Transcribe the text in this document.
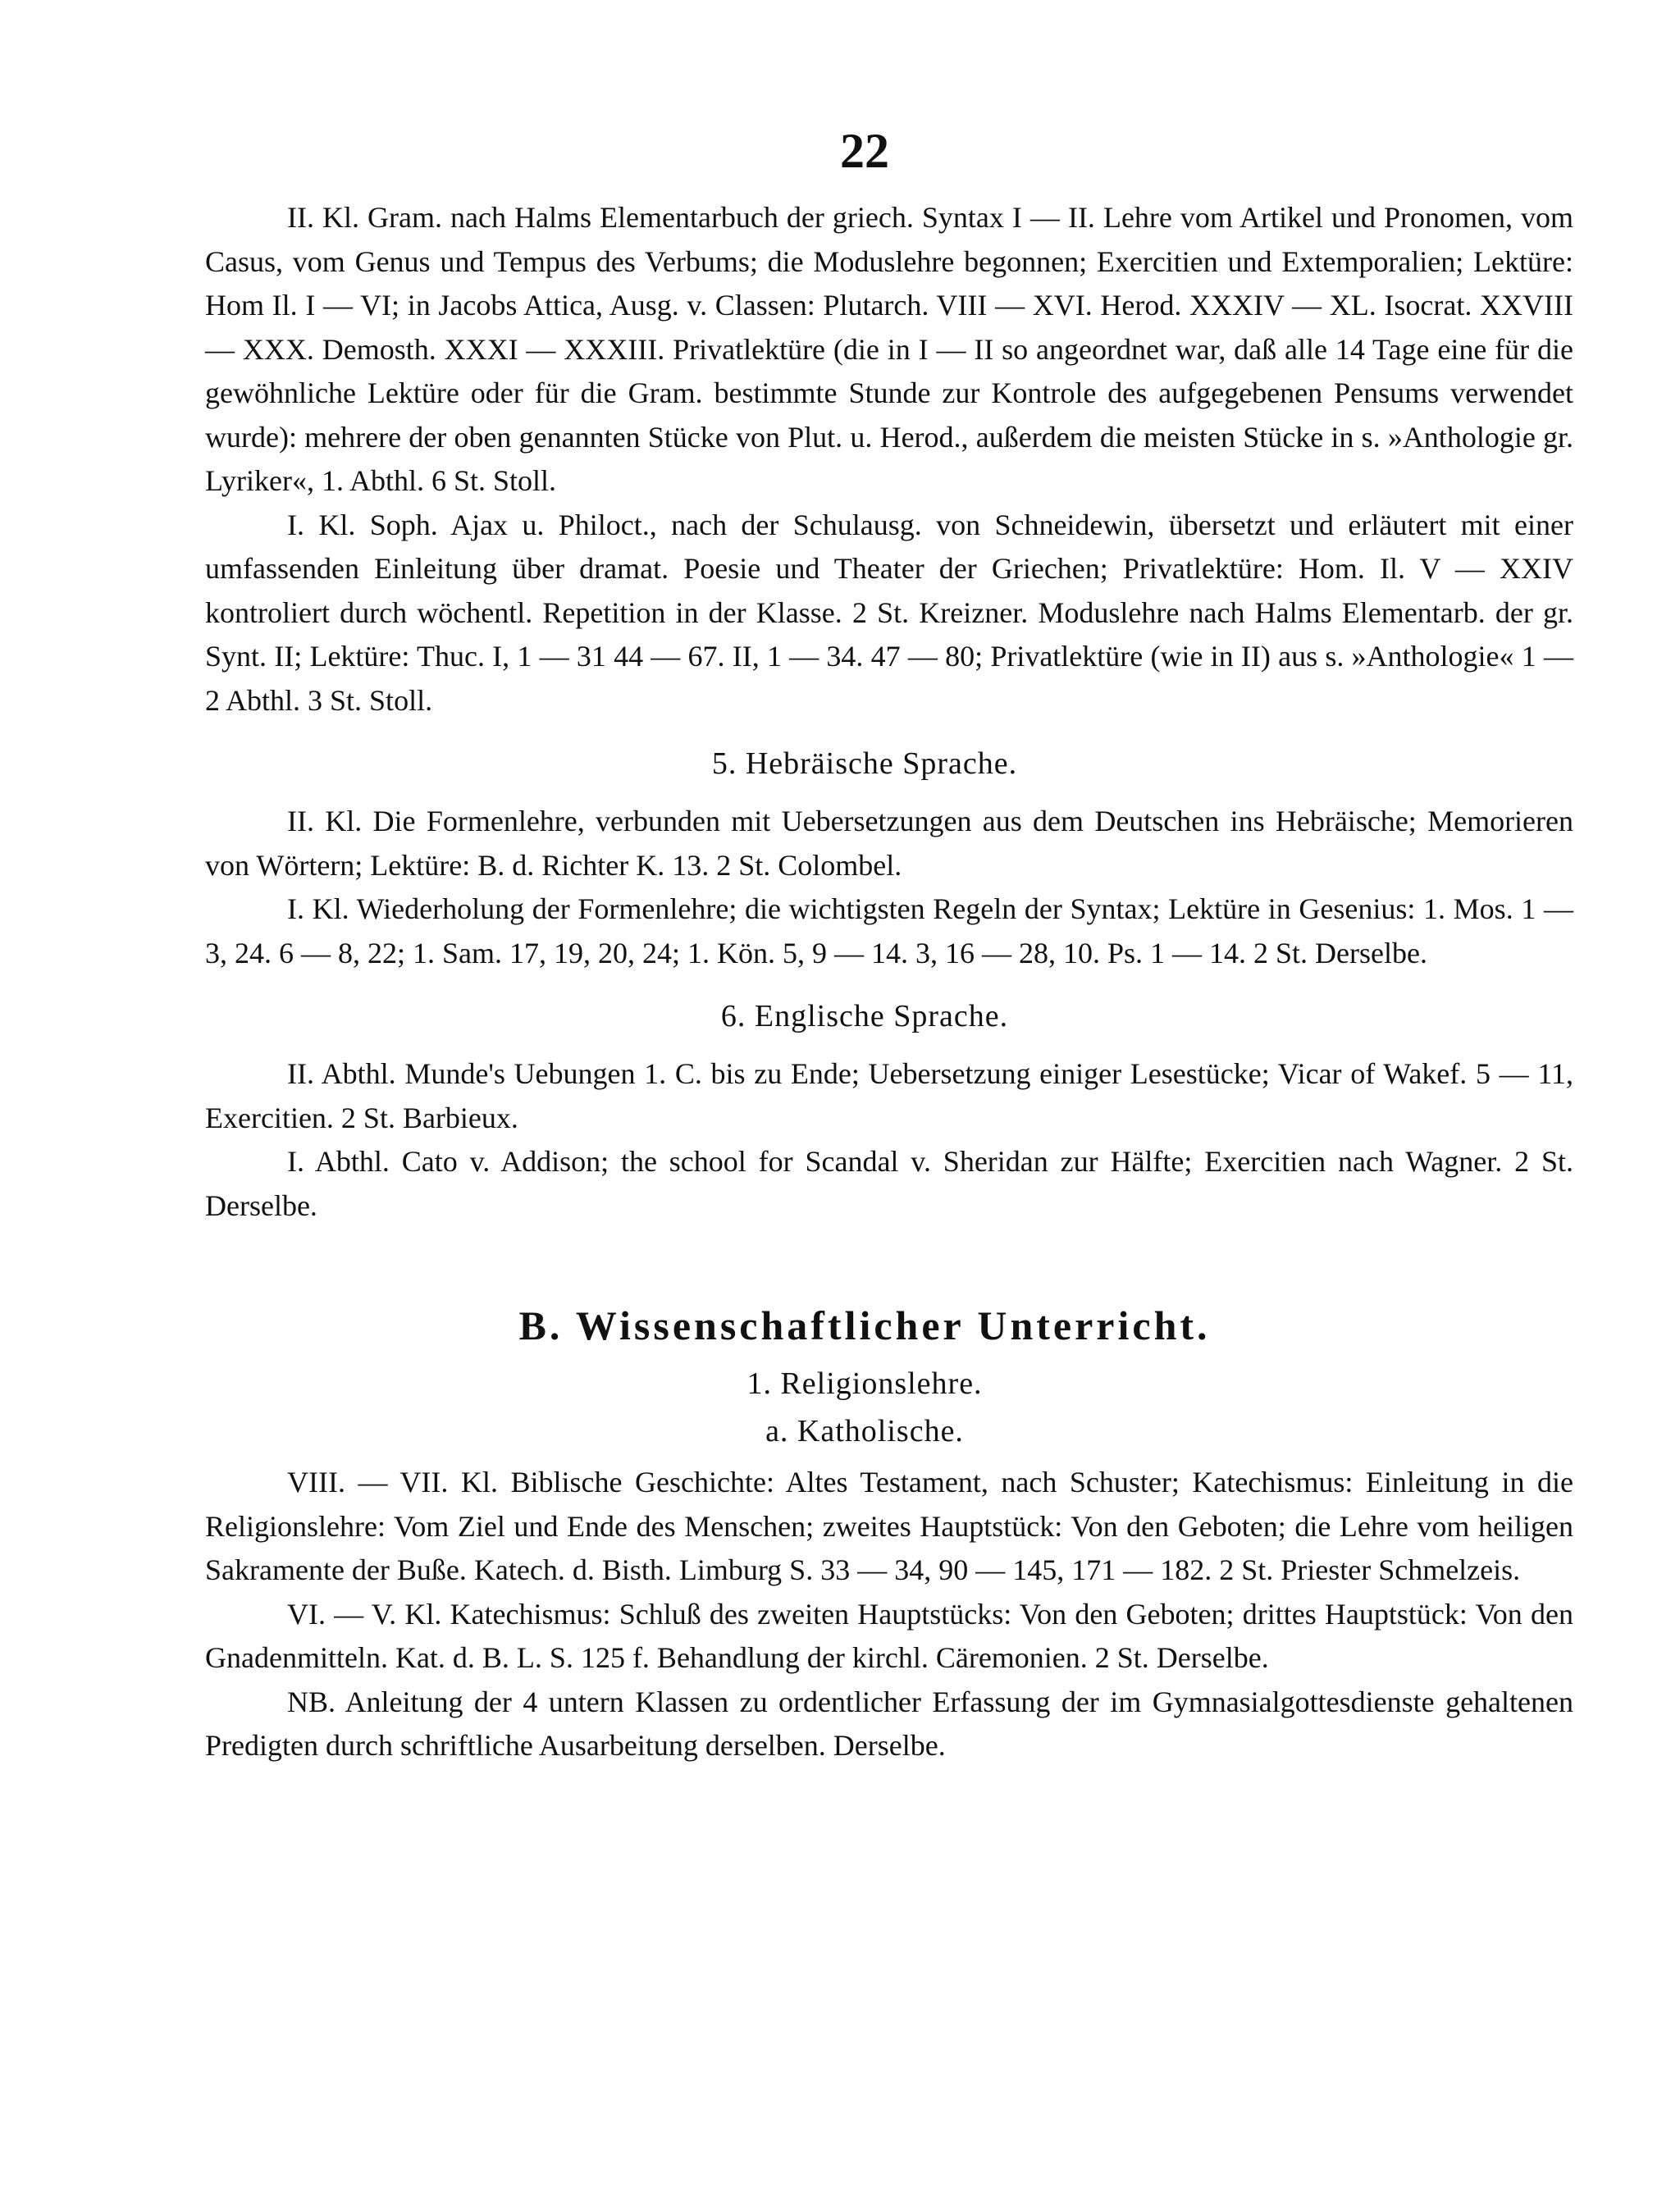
22

II. Kl. Gram. nach Halms Elementarbuch der griech. Syntax I — II. Lehre vom Artikel und Pronomen, vom Casus, vom Genus und Tempus des Verbums; die Moduslehre begonnen; Exercitien und Extemporalien; Lektüre: Hom Il. I — VI; in Jacobs Attica, Ausg. v. Classen: Plutarch. VIII — XVI. Herod. XXXIV — XL. Isocrat. XXVIII — XXX. Demosth. XXXI — XXXIII. Privatlektüre (die in I — II so angeordnet war, daß alle 14 Tage eine für die gewöhnliche Lektüre oder für die Gram. bestimmte Stunde zur Kontrole des aufgegebenen Pensums verwendet wurde): mehrere der oben genannten Stücke von Plut. u. Herod., außerdem die meisten Stücke in s. »Anthologie gr. Lyriker«, 1. Abthl. 6 St. Stoll.

I. Kl. Soph. Ajax u. Philoct., nach der Schulausg. von Schneidewin, übersetzt und erläutert mit einer umfassenden Einleitung über dramat. Poesie und Theater der Griechen; Privatlektüre: Hom. Il. V — XXIV kontroliert durch wöchentl. Repetition in der Klasse. 2 St. Kreizner. Moduslehre nach Halms Elementarb. der gr. Synt. II; Lektüre: Thuc. I, 1 — 31 44 — 67. II, 1 — 34. 47 — 80; Privatlektüre (wie in II) aus s. »Anthologie« 1 — 2 Abthl. 3 St. Stoll.

5. Hebräische Sprache.

II. Kl. Die Formenlehre, verbunden mit Uebersetzungen aus dem Deutschen ins Hebräische; Memorieren von Wörtern; Lektüre: B. d. Richter K. 13. 2 St. Colombel.

I. Kl. Wiederholung der Formenlehre; die wichtigsten Regeln der Syntax; Lektüre in Gesenius: 1. Mos. 1 — 3, 24. 6 — 8, 22; 1. Sam. 17, 19, 20, 24; 1. Kön. 5, 9 — 14. 3, 16 — 28, 10. Ps. 1 — 14. 2 St. Derselbe.

6. Englische Sprache.

II. Abthl. Munde's Uebungen 1. C. bis zu Ende; Uebersetzung einiger Lesestücke; Vicar of Wakef. 5 — 11, Exercitien. 2 St. Barbieux.

I. Abthl. Cato v. Addison; the school for Scandal v. Sheridan zur Hälfte; Exercitien nach Wagner. 2 St. Derselbe.

B. Wissenschaftlicher Unterricht.
1. Religionslehre.
a. Katholische.

VIII. — VII. Kl. Biblische Geschichte: Altes Testament, nach Schuster; Katechismus: Einleitung in die Religionslehre: Vom Ziel und Ende des Menschen; zweites Hauptstück: Von den Geboten; die Lehre vom heiligen Sakramente der Buße. Katech. d. Bisth. Limburg S. 33 — 34, 90 — 145, 171 — 182. 2 St. Priester Schmelzeis.

VI. — V. Kl. Katechismus: Schluß des zweiten Hauptstücks: Von den Geboten; drittes Hauptstück: Von den Gnadenmitteln. Kat. d. B. L. S. 125 f. Behandlung der kirchl. Cäremonien. 2 St. Derselbe.

NB. Anleitung der 4 untern Klassen zu ordentlicher Erfassung der im Gymnasialgottesdienste gehaltenen Predigten durch schriftliche Ausarbeitung derselben. Derselbe.
